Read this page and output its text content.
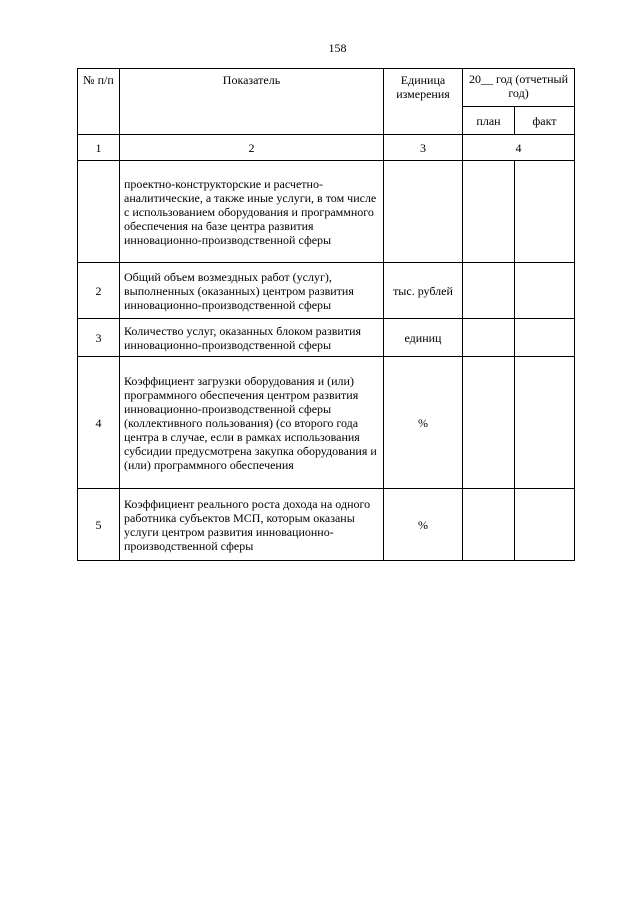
158
№ п/п	Показатель	Единица измерения	20__ год (отчетный год)	
			план	факт
1	2	3	4	
	проектно-конструкторские и расчетно-аналитические, а также иные услуги, в том числе с использованием оборудования и программного обеспечения на базе центра развития инновационно-производственной сферы			
2	Общий объем возмездных работ (услуг), выполненных (оказанных) центром развития инновационно-производственной сферы	тыс. рублей		
3	Количество услуг, оказанных блоком развития инновационно-производственной сферы	единиц		
4	Коэффициент загрузки оборудования и (или) программного обеспечения центром развития инновационно-производственной сферы (коллективного пользования) (со второго года центра в случае, если в рамках использования субсидии предусмотрена закупка оборудования и (или) программного обеспечения	%		
5	Коэффициент реального роста дохода на одного работника субъектов МСП, которым оказаны услуги центром развития инновационно-производственной сферы	%		
